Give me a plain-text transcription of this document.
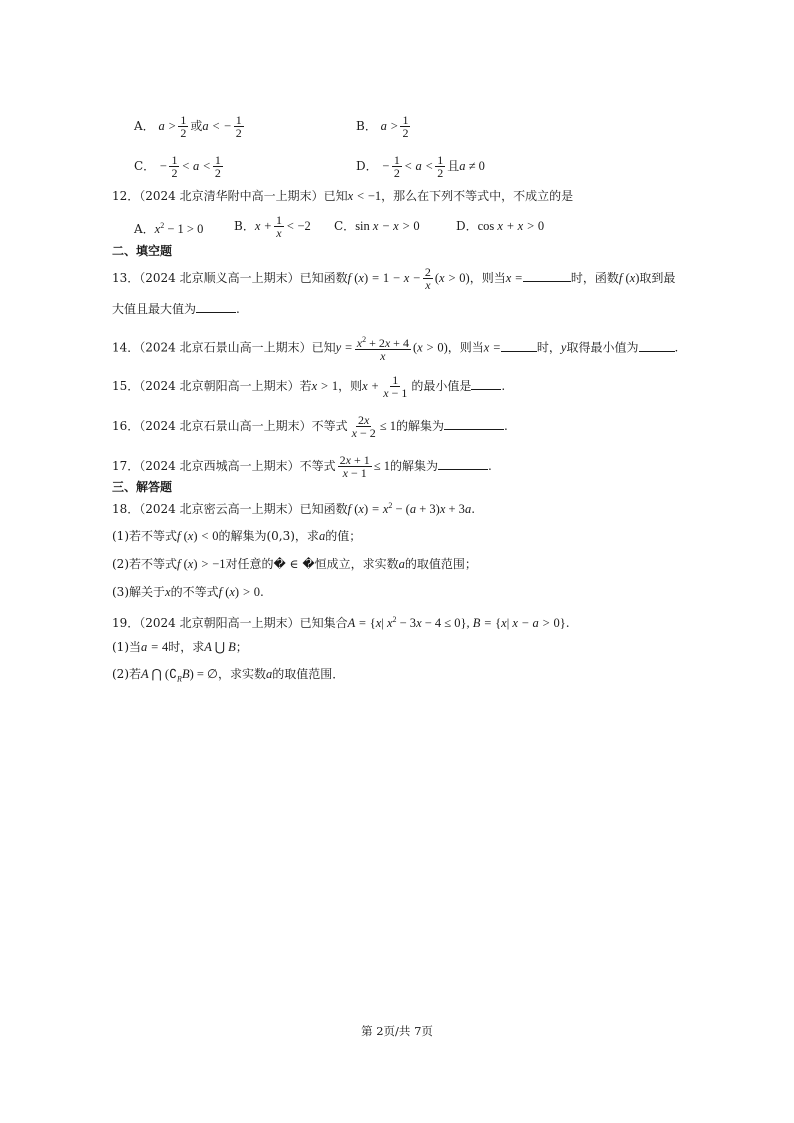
A． $a > \frac{1}{2}$ 或a < − $\frac{1}{2}$	B． $a > \frac{1}{2}$
C． − $\frac{1}{2} < a < \frac{1}{2}$	D． − $\frac{1}{2} < a < \frac{1}{2}$ 且a ≠ 0
12．（2024 北京清华附中高一上期末）已知x < −1，那么在下列不等式中，不成立的是
A．$x^2 - 1 > 0$	B．$x + \frac{1}{x} < -2$ C．sin x − x > 0	D．cos x + x > 0
二、填空题
13．（2024 北京顺义高一上期末）已知函数f $(x) = 1 - x - \frac{2}{x} (x > 0)$，则当x =	时，函数f (x)取到最
大值且最大值为	.
14．（2024 北京石景山高一上期末）已知$y = \frac{x^2 + 2x + 4}{x} (x > 0)$，则当x =	时，y取得最小值为	.
15．（2024 北京朝阳高一上期末）若x > 1，则$x + \frac{1}{x - 1}$ 的最小值是	.
16．（2024 北京石景山高一上期末）不等式 $\frac{2x}{x - 2} \le 1$的解集为	.
17．（2024 北京西城高一上期末）不等式 $\frac{2x + 1}{x - 1} \le 1$的解集为	.
三、解答题
18．（2024 北京密云高一上期末）已知函数f $(x) = x^2 - (a + 3)x + 3a$.
(1)若不等式f (x) < 0的解集为(0,3)，求a的值；
(2)若不等式f (x) > −1对任意的� ∈ �恒成立，求实数a的取值范围；
(3)解关于x的不等式f (x) > 0.
19．（2024 北京朝阳高一上期末）已知集合A = {x| $x^2 - 3x - 4 \le 0$}, B = {x| x − a > 0}.
(1)当a = 4时，求A ⋃ B；
(2)若A ⋂ $(∁_RB)$ = ∅，求实数a的取值范围．
第 2页/共 7页
